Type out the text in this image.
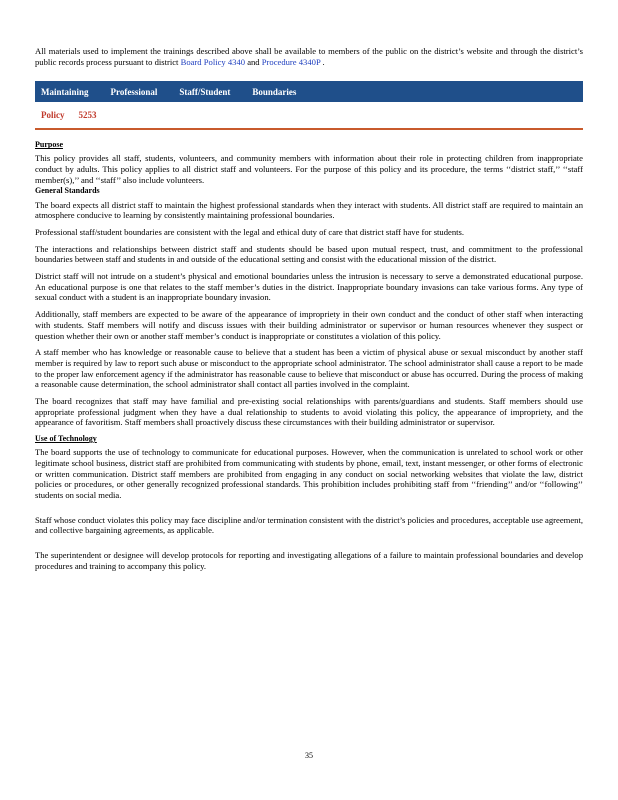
All materials used to implement the trainings described above shall be available to members of the public on the district’s website and through the district’s public records process pursuant to district Board Policy 4340 and Procedure 4340P .

Maintaining Professional Staff/Student Boundaries
Policy 5253
Purpose

This policy provides all staff, students, volunteers, and community members with information about their role in protecting children from inappropriate conduct by adults. This policy applies to all district staff and volunteers. For the purpose of this policy and its procedure, the terms ‘‘district staff,’’ ‘‘staff member(s),’’ and ‘‘staff’’ also include volunteers.

General Standards

The board expects all district staff to maintain the highest professional standards when they interact with students. All district staff are required to maintain an atmosphere conducive to learning by consistently maintaining professional boundaries.

Professional staff/student boundaries are consistent with the legal and ethical duty of care that district staff have for students.

The interactions and relationships between district staff and students should be based upon mutual respect, trust, and commitment to the professional boundaries between staff and students in and outside of the educational setting and consist with the educational mission of the district.

District staff will not intrude on a student’s physical and emotional boundaries unless the intrusion is necessary to serve a demonstrated educational purpose. An educational purpose is one that relates to the staff member’s duties in the district. Inappropriate boundary invasions can take various forms. Any type of sexual conduct with a student is an inappropriate boundary invasion.

Additionally, staff members are expected to be aware of the appearance of impropriety in their own conduct and the conduct of other staff when interacting with students. Staff members will notify and discuss issues with their building administrator or supervisor or human resources whenever they suspect or question whether their own or another staff member’s conduct is inappropriate or constitutes a violation of this policy.

A staff member who has knowledge or reasonable cause to believe that a student has been a victim of physical abuse or sexual misconduct by another staff member is required by law to report such abuse or misconduct to the appropriate school administrator. The school administrator shall cause a report to be made to the proper law enforcement agency if the administrator has reasonable cause to believe that misconduct or abuse has occurred. During the process of making a reasonable cause determination, the school administrator shall contact all parties involved in the complaint.

The board recognizes that staff may have familial and pre-existing social relationships with parents/guardians and students. Staff members should use appropriate professional judgment when they have a dual relationship to students to avoid violating this policy, the appearance of impropriety, and the appearance of favoritism. Staff members shall proactively discuss these circumstances with their building administrator or supervisor.

Use of Technology

The board supports the use of technology to communicate for educational purposes. However, when the communication is unrelated to school work or other legitimate school business, district staff are prohibited from communicating with students by phone, email, text, instant messenger, or other forms of electronic or written communication. District staff members are prohibited from engaging in any conduct on social networking websites that violate the law, district policies or procedures, or other generally recognized professional standards. This prohibition includes prohibiting staff from ‘‘friending’’ and/or ‘‘following’’ students on social media.

Staff whose conduct violates this policy may face discipline and/or termination consistent with the district’s policies and procedures, acceptable use agreement, and collective bargaining agreements, as applicable.

The superintendent or designee will develop protocols for reporting and investigating allegations of a failure to maintain professional boundaries and develop procedures and training to accompany this policy.

35
